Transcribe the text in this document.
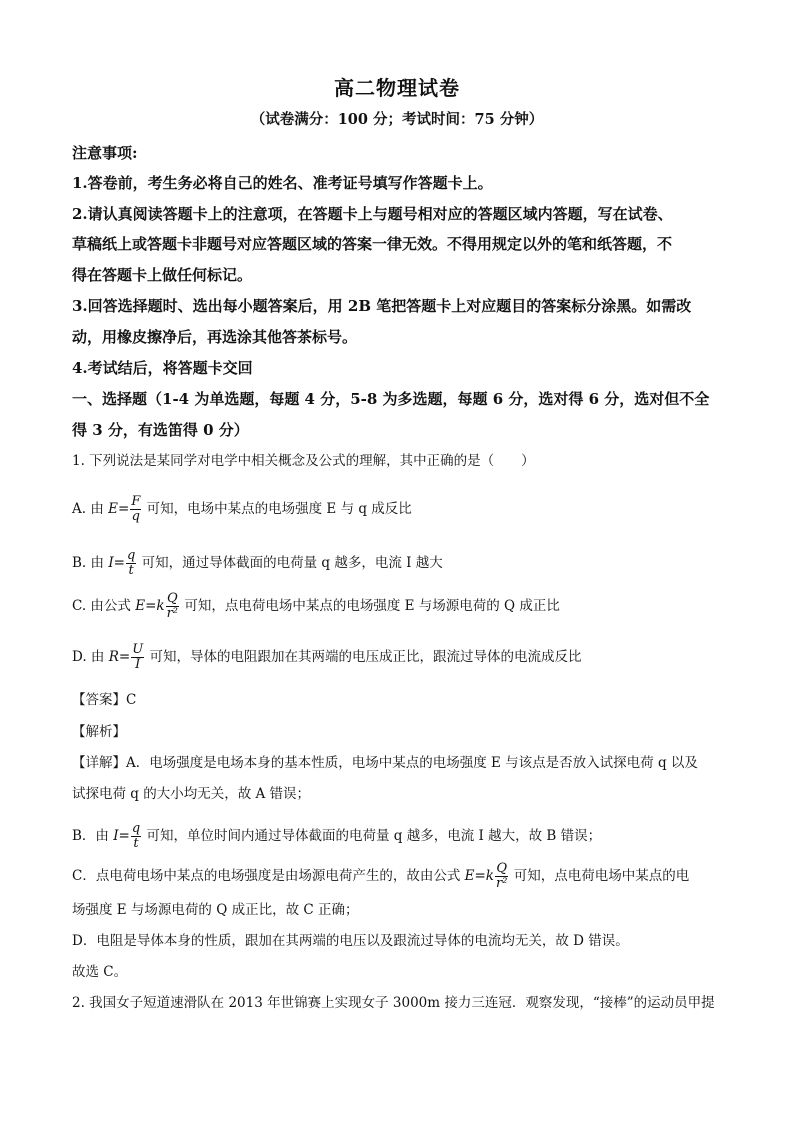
高二物理试卷
（试卷满分：100 分；考试时间：75 分钟）
注意事项:
1.答卷前，考生务必将自己的姓名、准考证号填写作答题卡上。
2.请认真阅读答题卡上的注意项，在答题卡上与题号相对应的答题区域内答题，写在试卷、
草稿纸上或答题卡非题号对应答题区域的答案一律无效。不得用规定以外的笔和纸答题，不
得在答题卡上做任何标记。
3.回答选择题时、选出每小题答案后，用 2B 笔把答题卡上对应题目的答案标分涂黑。如需改
动，用橡皮擦净后，再选涂其他答茶标号。
4.考试结后，将答题卡交回
一、选择题（1-4 为单选题，每题 4 分，5-8 为多选题，每题 6 分，选对得 6 分，选对但不全
得 3 分，有选笛得 0 分）
1. 下列说法是某同学对电学中相关概念及公式的理解，其中正确的是（　　）
A. 由 $E= \frac{F}{q}$ 可知，电场中某点的电场强度 E 与 q 成反比
B. 由 $I= \frac{q}{t}$ 可知，通过导体截面的电荷量 q 越多，电流 I 越大
C. 由公式 $E=k \frac{Q}{\text{r²}}$ 可知，点电荷电场中某点的电场强度 E 与场源电荷的 Q 成正比
D. 由 $R= \frac{U}{I}$ 可知，导体的电阻跟加在其两端的电压成正比，跟流过导体的电流成反比
【答案】C
【解析】
【详解】A．电场强度是电场本身的基本性质，电场中某点的电场强度 E 与该点是否放入试探电荷 q 以及
试探电荷 q 的大小均无关，故 A 错误；
B．由 $I= \frac{q}{t}$ 可知，单位时间内通过导体截面的电荷量 q 越多，电流 I 越大，故 B 错误；
C．点电荷电场中某点的电场强度是由场源电荷产生的，故由公式 $E=k \frac{Q}{\text{r²}}$ 可知，点电荷电场中某点的电
场强度 E 与场源电荷的 Q 成正比，故 C 正确；
D．电阻是导体本身的性质，跟加在其两端的电压以及跟流过导体的电流均无关，故 D 错误。
故选 C。
2. 我国女子短道速滑队在 2013 年世锦赛上实现女子 3000m 接力三连冠．观察发现，“接棒”的运动员甲提
